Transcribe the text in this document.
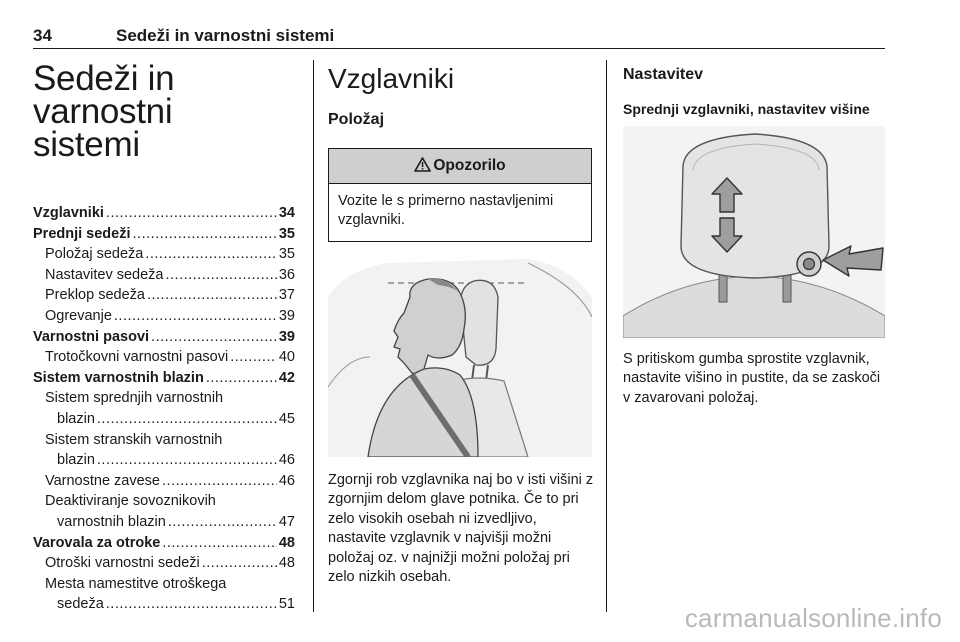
34	Sedeži in varnostni sistemi
Sedeži in varnostni
sistemi
Vzglavniki .....	34
Prednji sedeži .....	35
Položaj sedeža .....	35
Nastavitev sedeža .....	36
Preklop sedeža .....	37
Ogrevanje .....	39
Varnostni pasovi .....	39
Trotočkovni varnostni pasovi .....	40
Sistem varnostnih blazin .....	42
Sistem sprednjih varnostnih
blazin .....	45
Sistem stranskih varnostnih
blazin .....	46
Varnostne zavese .....	46
Deaktiviranje sovoznikovih
varnostnih blazin .....	47
Varovala za otroke .....	48
Otroški varnostni sedeži .....	48
Mesta namestitve otroškega
sedeža .....	51
Vzglavniki
Položaj
Opozorilo
Vozite le s primerno nastavljenimi vzglavniki.
Zgornji rob vzglavnika naj bo v isti višini z zgornjim delom glave potnika. Če to pri zelo visokih osebah ni izvedljivo, nastavite vzglavnik v najvišji možni položaj oz. v najnižji možni položaj pri zelo nizkih osebah.
Nastavitev
Sprednji vzglavniki, nastavitev višine
S pritiskom gumba sprostite vzglavnik, nastavite višino in pustite, da se zaskoči v zavarovani položaj.
carmanualsonline.info
